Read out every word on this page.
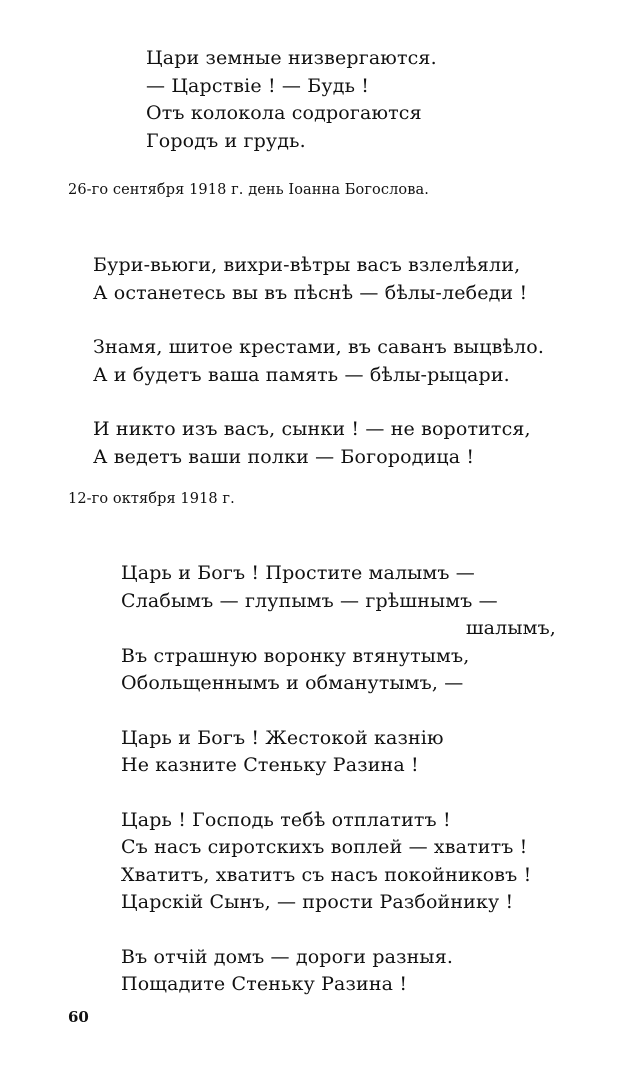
Цари земные низвергаются.
— Царствіе ! — Будь !
Отъ колокола содрогаются
Городъ и грудь.
26-го сентября 1918 г. день Іоанна Богослова.
Бури-вьюги, вихри-вѣтры васъ взлелѣяли,
А останетесь вы въ пѣснѣ — бѣлы-лебеди !
Знамя, шитое крестами, въ саванъ выцвѣло.
А и будетъ ваша память — бѣлы-рыцари.
И никто изъ васъ, сынки ! — не воротится,
А ведетъ ваши полки — Богородица !
12-го октября 1918 г.
Царь и Богъ ! Простите малымъ —
Слабымъ — глупымъ — грѣшнымъ —
шалымъ,
Въ страшную воронку втянутымъ,
Обольщеннымъ и обманутымъ, —
Царь и Богъ ! Жестокой казнію
Не казните Стеньку Разина !
Царь ! Господь тебѣ отплатитъ !
Съ насъ сиротскихъ воплей — хватитъ !
Хватитъ, хватитъ съ насъ покойниковъ !
Царскій Сынъ, — прости Разбойнику !
Въ отчій домъ — дороги разныя.
Пощадите Стеньку Разина !
60
